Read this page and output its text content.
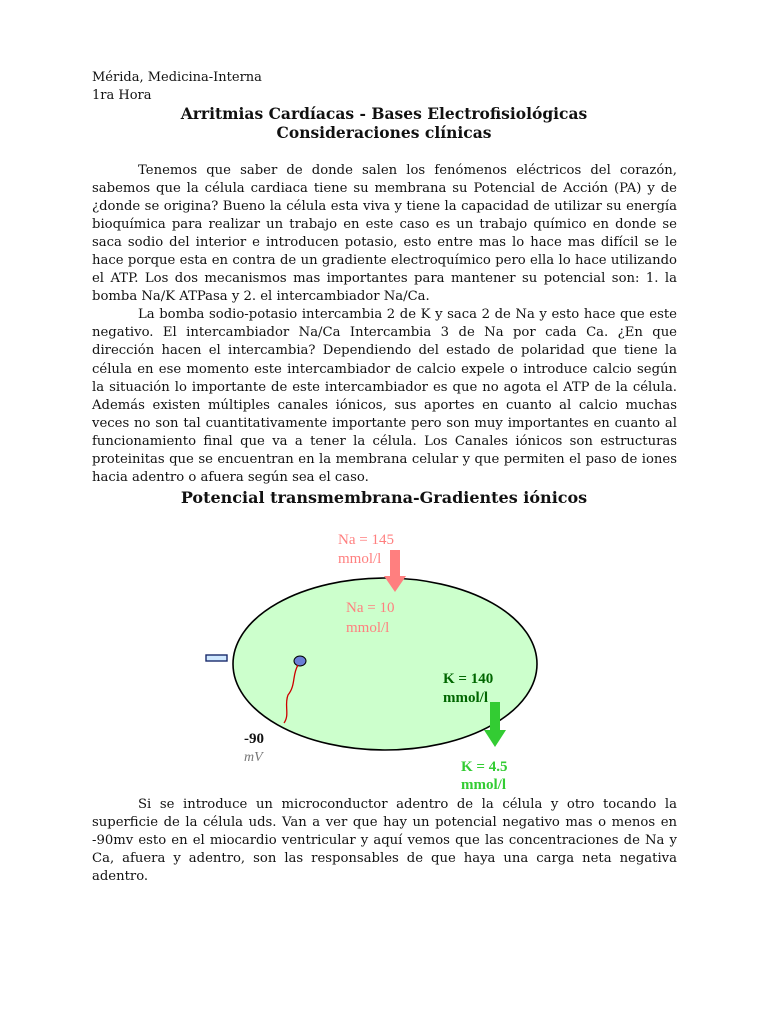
Mérida, Medicina-Interna
1ra Hora
Arritmias Cardíacas - Bases Electrofisiológicas
Consideraciones clínicas

Tenemos que saber de donde salen los fenómenos eléctricos del corazón, sabemos que la célula cardiaca tiene su membrana su Potencial de Acción (PA) y de ¿donde se origina? Bueno la célula esta viva y tiene la capacidad de utilizar su energía bioquímica para realizar un trabajo en este caso es un trabajo químico en donde se saca sodio del interior e introducen potasio, esto entre mas lo hace mas difícil se le hace porque esta en contra de un gradiente electroquímico pero ella lo hace utilizando el ATP. Los dos mecanismos mas importantes para mantener su potencial son: 1. la bomba Na/K ATPasa y 2. el intercambiador Na/Ca.

La bomba sodio-potasio intercambia 2 de K y saca 2 de Na y esto hace que este negativo. El intercambiador Na/Ca Intercambia 3 de Na por cada Ca. ¿En que dirección hacen el intercambia? Dependiendo del estado de polaridad que tiene la célula en ese momento este intercambiador de calcio expele o introduce calcio según la situación lo importante de este intercambiador es que no agota el ATP de la célula. Además existen múltiples canales iónicos, sus aportes en cuanto al calcio muchas veces no son tal cuantitativamente importante pero son muy importantes en cuanto al funcionamiento final que va a tener la célula. Los Canales iónicos son estructuras proteinitas que se encuentran en la membrana celular y que permiten el paso de iones hacia adentro o afuera según sea el caso.

Potencial transmembrana-Gradientes iónicos
Na = 145
mmol/l
Na = 10
mmol/l
K = 140
mmol/l
K = 4.5
mmol/l
-90
mV

Si se introduce un microconductor adentro de la célula y otro tocando la superficie de la célula uds. Van a ver que hay un potencial negativo mas o menos en -90mv esto en el miocardio ventricular y aquí vemos que las concentraciones de Na y Ca, afuera y adentro, son las responsables de que haya una carga neta negativa adentro.
